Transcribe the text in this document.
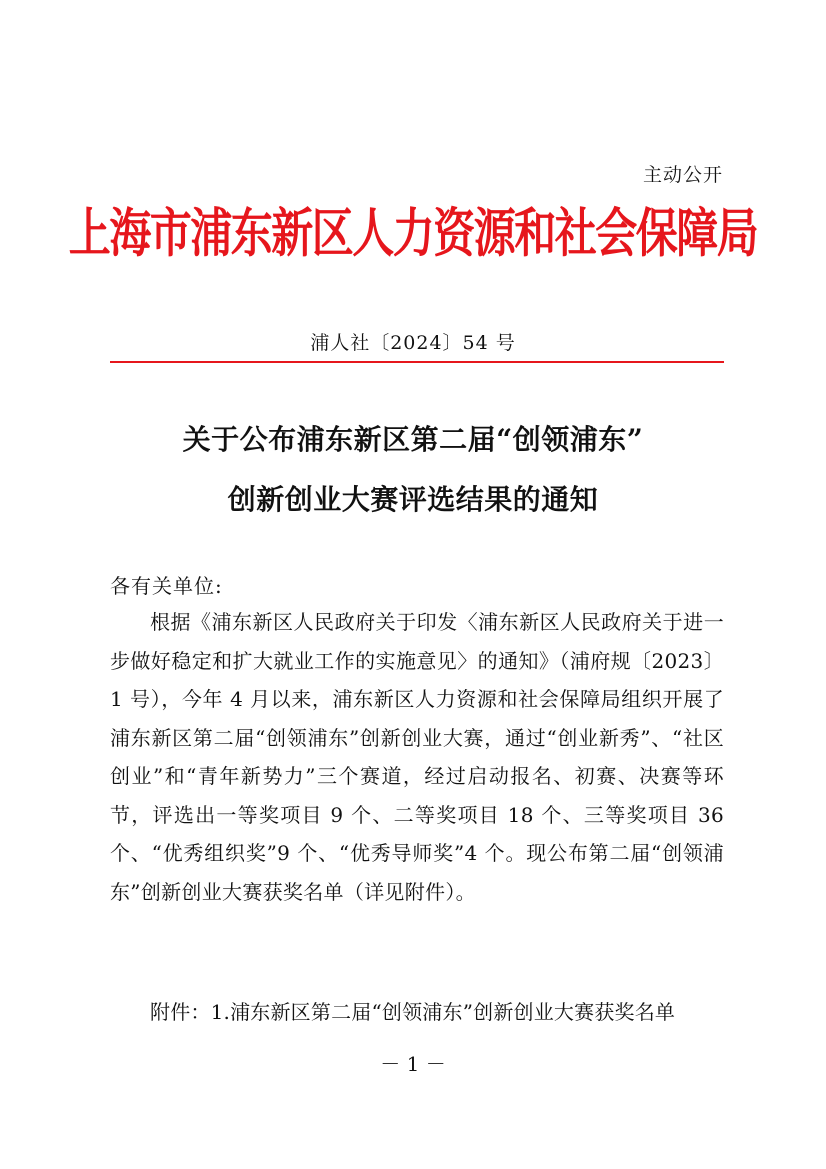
主动公开
上海市浦东新区人力资源和社会保障局
浦人社〔2024〕54 号
关于公布浦东新区第二届“创领浦东”
创新创业大赛评选结果的通知
各有关单位:

根据《浦东新区人民政府关于印发〈浦东新区人民政府关于进一步做好稳定和扩大就业工作的实施意见〉的通知》（浦府规〔2023〕1 号），今年 4 月以来，浦东新区人力资源和社会保障局组织开展了浦东新区第二届“创领浦东”创新创业大赛，通过“创业新秀”、“社区创业”和“青年新势力”三个赛道，经过启动报名、初赛、决赛等环节，评选出一等奖项目 9 个、二等奖项目 18 个、三等奖项目 36 个、“优秀组织奖”9 个、“优秀导师奖”4 个。现公布第二届“创领浦东”创新创业大赛获奖名单（详见附件）。

附件：1.浦东新区第二届“创领浦东”创新创业大赛获奖名单
－ 1 －
